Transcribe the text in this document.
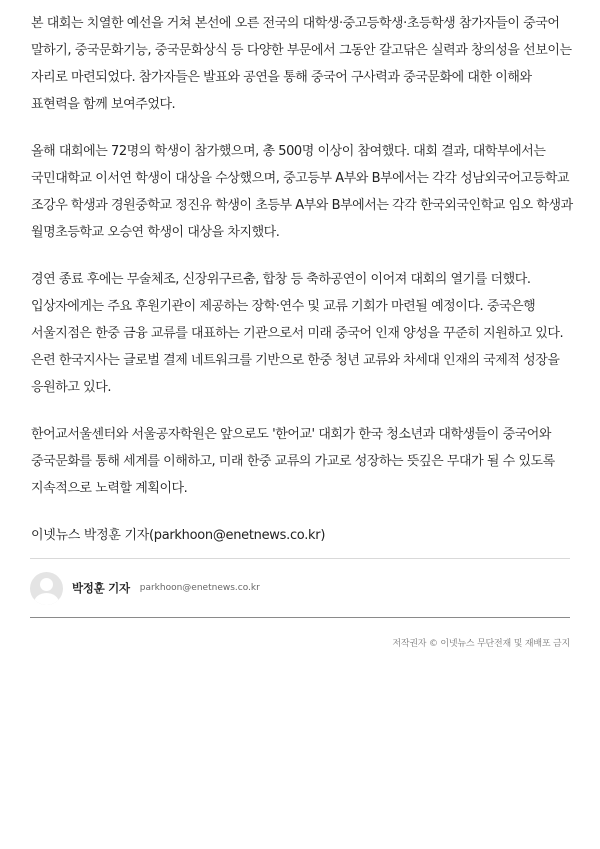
본 대회는 치열한 예선을 거쳐 본선에 오른 전국의 대학생·중고등학생·초등학생 참가자들이 중국어 말하기, 중국문화기능, 중국문화상식 등 다양한 부문에서 그동안 갈고닦은 실력과 창의성을 선보이는 자리로 마련되었다. 참가자들은 발표와 공연을 통해 중국어 구사력과 중국문화에 대한 이해와 표현력을 함께 보여주었다.

올해 대회에는 72명의 학생이 참가했으며, 총 500명 이상이 참여했다. 대회 결과, 대학부에서는 국민대학교 이서연 학생이 대상을 수상했으며, 중고등부 A부와 B부에서는 각각 성남외국어고등학교 조강우 학생과 경원중학교 정진유 학생이 초등부 A부와 B부에서는 각각 한국외국인학교 임오 학생과 월명초등학교 오승연 학생이 대상을 차지했다.

경연 종료 후에는 무술체조, 신장위구르춤, 합창 등 축하공연이 이어져 대회의 열기를 더했다. 입상자에게는 주요 후원기관이 제공하는 장학·연수 및 교류 기회가 마련될 예정이다. 중국은행 서울지점은 한중 금융 교류를 대표하는 기관으로서 미래 중국어 인재 양성을 꾸준히 지원하고 있다. 은련 한국지사는 글로벌 결제 네트워크를 기반으로 한중 청년 교류와 차세대 인재의 국제적 성장을 응원하고 있다.

한어교서울센터와 서울공자학원은 앞으로도 '한어교' 대회가 한국 청소년과 대학생들이 중국어와 중국문화를 통해 세계를 이해하고, 미래 한중 교류의 가교로 성장하는 뜻깊은 무대가 될 수 있도록 지속적으로 노력할 계획이다.

이넷뉴스 박정훈 기자(parkhoon@enetnews.co.kr)
박정훈 기자 parkhoon@enetnews.co.kr
저작권자 © 이넷뉴스 무단전재 및 재배포 금지
